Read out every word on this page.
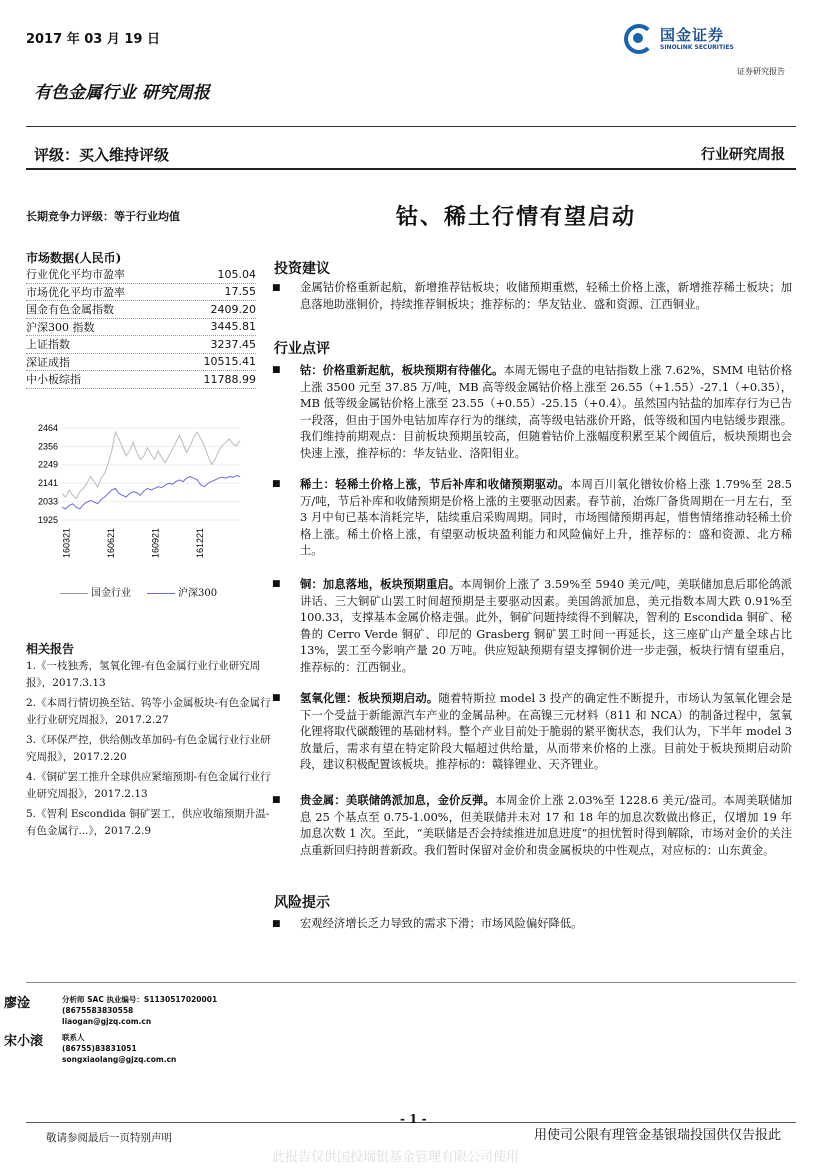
2017 年 03 月 19 日	国金证券
SINOLINK SECURITIES
证券研究报告
有色金属行业 研究周报
评级：买入维持评级	行业研究周报
长期竞争力评级：等于行业均值
市场数据(人民币)
行业优化平均市盈率	105.04
市场优化平均市盈率	17.55
国金有色金属指数	2409.20
沪深300 指数	3445.81
上证指数	3237.45
深证成指	10515.41
中小板综指	11788.99
2464
2356
2249
2141
2033
1925
160321	160621	160921	161221
国金行业	沪深300
相关报告
1.《一枝独秀，氢氧化锂-有色金属行业行业研究周报》，2017.3.13
2.《本周行情切换至钴、钨等小金属板块-有色金属行业行业研究周报》，2017.2.27
3.《环保严控，供给侧改革加码-有色金属行业行业研究周报》，2017.2.20
4.《铜矿罢工推升全球供应紧缩预期-有色金属行业行业研究周报》，2017.2.13
5.《智利 Escondida 铜矿罢工，供应收缩预期升温-有色金属行...》，2017.2.9
钴、稀土行情有望启动
投资建议
■ 金属钴价格重新起航，新增推荐钴板块；收储预期重燃，轻稀土价格上涨，新增推荐稀土板块；加息落地助涨铜价，持续推荐铜板块；推荐标的：华友钴业、盛和资源、江西铜业。
行业点评
■ 钴：价格重新起航，板块预期有待催化。本周无锡电子盘的电钴指数上涨 7.62%，SMM 电钴价格上涨 3500 元至 37.85 万/吨，MB 高等级金属钴价格上涨至 26.55（+1.55）-27.1（+0.35），MB 低等级金属钴价格上涨至 23.55（+0.55）-25.15（+0.4）。虽然国内钴盐的加库存行为已告一段落，但由于国外电钴加库存行为的继续，高等级电钴涨价开路，低等级和国内电钴缓步跟涨。我们维持前期观点：目前板块预期虽较高，但随着钴价上涨幅度积累至某个阈值后，板块预期也会快速上涨，推荐标的：华友钴业、洛阳钼业。
■ 稀土：轻稀土价格上涨，节后补库和收储预期驱动。本周百川氧化镨钕价格上涨 1.79%至 28.5 万/吨，节后补库和收储预期是价格上涨的主要驱动因素。春节前，冶炼厂备货周期在一月左右，至 3 月中旬已基本消耗完毕，陆续重启采购周期。同时，市场囤储预期再起，惜售情绪推动轻稀土价格上涨。稀土价格上涨，有望驱动板块盈利能力和风险偏好上升，推荐标的：盛和资源、北方稀土。
■ 铜：加息落地，板块预期重启。本周铜价上涨了 3.59%至 5940 美元/吨，美联储加息后耶伦鸽派讲话、三大铜矿山罢工时间超预期是主要驱动因素。美国鸽派加息，美元指数本周大跌 0.91%至 100.33，支撑基本金属价格走强。此外，铜矿问题持续得不到解决，智利的 Escondida 铜矿、秘鲁的 Cerro Verde 铜矿、印尼的 Grasberg 铜矿罢工时间一再延长，这三座矿山产量全球占比 13%，罢工至今影响产量 20 万吨。供应短缺预期有望支撑铜价进一步走强，板块行情有望重启，推荐标的：江西铜业。
■ 氢氧化锂：板块预期启动。随着特斯拉 model 3 投产的确定性不断提升，市场认为氢氧化锂会是下一个受益于新能源汽车产业的金属品种。在高镍三元材料（811 和 NCA）的制备过程中，氢氧化锂将取代碳酸锂的基础材料。整个产业目前处于脆弱的紧平衡状态，我们认为，下半年 model 3 放量后，需求有望在特定阶段大幅超过供给量，从而带来价格的上涨。目前处于板块预期启动阶段，建议积极配置该板块。推荐标的：赣锋锂业、天齐锂业。
■ 贵金属：美联储鸽派加息，金价反弹。本周金价上涨 2.03%至 1228.6 美元/盎司。本周美联储加息 25 个基点至 0.75-1.00%，但美联储并未对 17 和 18 年的加息次数做出修正，仅增加 19 年加息次数 1 次。至此，“美联储是否会持续推进加息进度”的担忧暂时得到解除，市场对金价的关注点重新回归持朗普新政。我们暂时保留对金价和贵金属板块的中性观点，对应标的：山东黄金。
风险提示
■ 宏观经济增长乏力导致的需求下滑；市场风险偏好降低。
廖淦	分析师 SAC 执业编号：S1130517020001
(8675583830558
liaogan@gjzq.com.cn
宋小滚	联系人
(86755)83831051
songxiaolang@gjzq.com.cn
- 1 -
敬请参阅最后一页特别声明	用使司公限有理管金基银瑞投国供仅告报此
此报告仅供国投瑞银基金管理有限公司使用
